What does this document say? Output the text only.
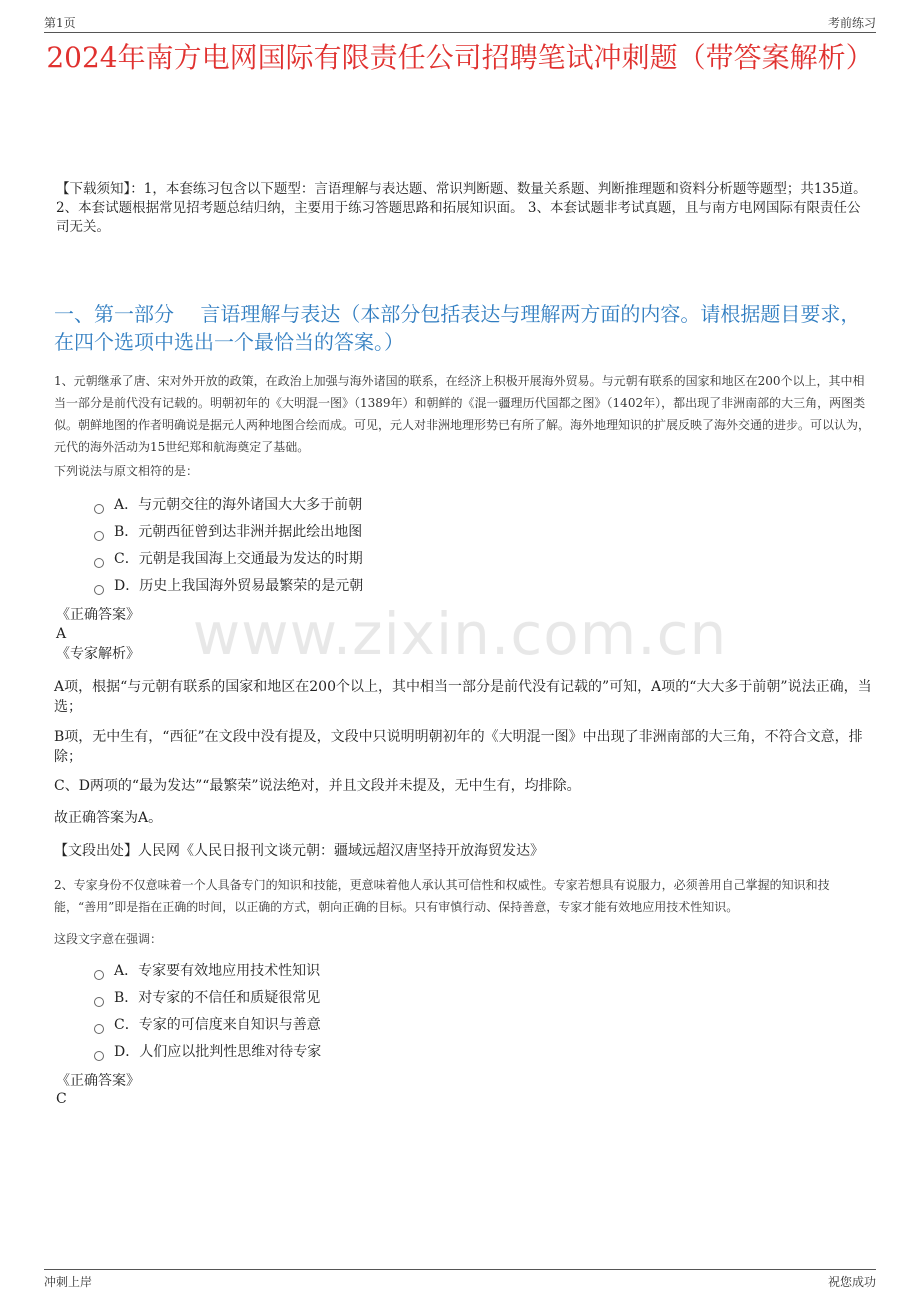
第1页	考前练习
2024年南方电网国际有限责任公司招聘笔试冲刺题（带答案解析）
【下载须知】：1，本套练习包含以下题型：言语理解与表达题、常识判断题、数量关系题、判断推理题和资料分析题等题型；共135道。 2、本套试题根据常见招考题总结归纳，主要用于练习答题思路和拓展知识面。 3、本套试题非考试真题，且与南方电网国际有限责任公司无关。
一、第一部分　 言语理解与表达（本部分包括表达与理解两方面的内容。请根据题目要求，在四个选项中选出一个最恰当的答案。）
1、元朝继承了唐、宋对外开放的政策，在政治上加强与海外诸国的联系，在经济上积极开展海外贸易。与元朝有联系的国家和地区在200个以上，其中相当一部分是前代没有记载的。明朝初年的《大明混一图》（1389年）和朝鲜的《混一疆理历代国都之图》（1402年），都出现了非洲南部的大三角，两图类似。朝鲜地图的作者明确说是据元人两种地图合绘而成。可见，元人对非洲地理形势已有所了解。海外地理知识的扩展反映了海外交通的进步。可以认为，元代的海外活动为15世纪郑和航海奠定了基础。
下列说法与原文相符的是：
A．与元朝交往的海外诸国大大多于前朝
B．元朝西征曾到达非洲并据此绘出地图
C．元朝是我国海上交通最为发达的时期
D．历史上我国海外贸易最繁荣的是元朝
《正确答案》
A
《专家解析》
A项，根据“与元朝有联系的国家和地区在200个以上，其中相当一部分是前代没有记载的”可知，A项的“大大多于前朝”说法正确，当选；
B项，无中生有，“西征”在文段中没有提及，文段中只说明明朝初年的《大明混一图》中出现了非洲南部的大三角，不符合文意，排除；
C、D两项的“最为发达”“最繁荣”说法绝对，并且文段并未提及，无中生有，均排除。
故正确答案为A。
【文段出处】人民网《人民日报刊文谈元朝：疆域远超汉唐坚持开放海贸发达》
www.zixin.com.cn
2、专家身份不仅意味着一个人具备专门的知识和技能，更意味着他人承认其可信性和权威性。专家若想具有说服力，必须善用自己掌握的知识和技能，“善用”即是指在正确的时间，以正确的方式，朝向正确的目标。只有审慎行动、保持善意，专家才能有效地应用技术性知识。
这段文字意在强调：
A．专家要有效地应用技术性知识
B．对专家的不信任和质疑很常见
C．专家的可信度来自知识与善意
D．人们应以批判性思维对待专家
《正确答案》
C
冲刺上岸	祝您成功
